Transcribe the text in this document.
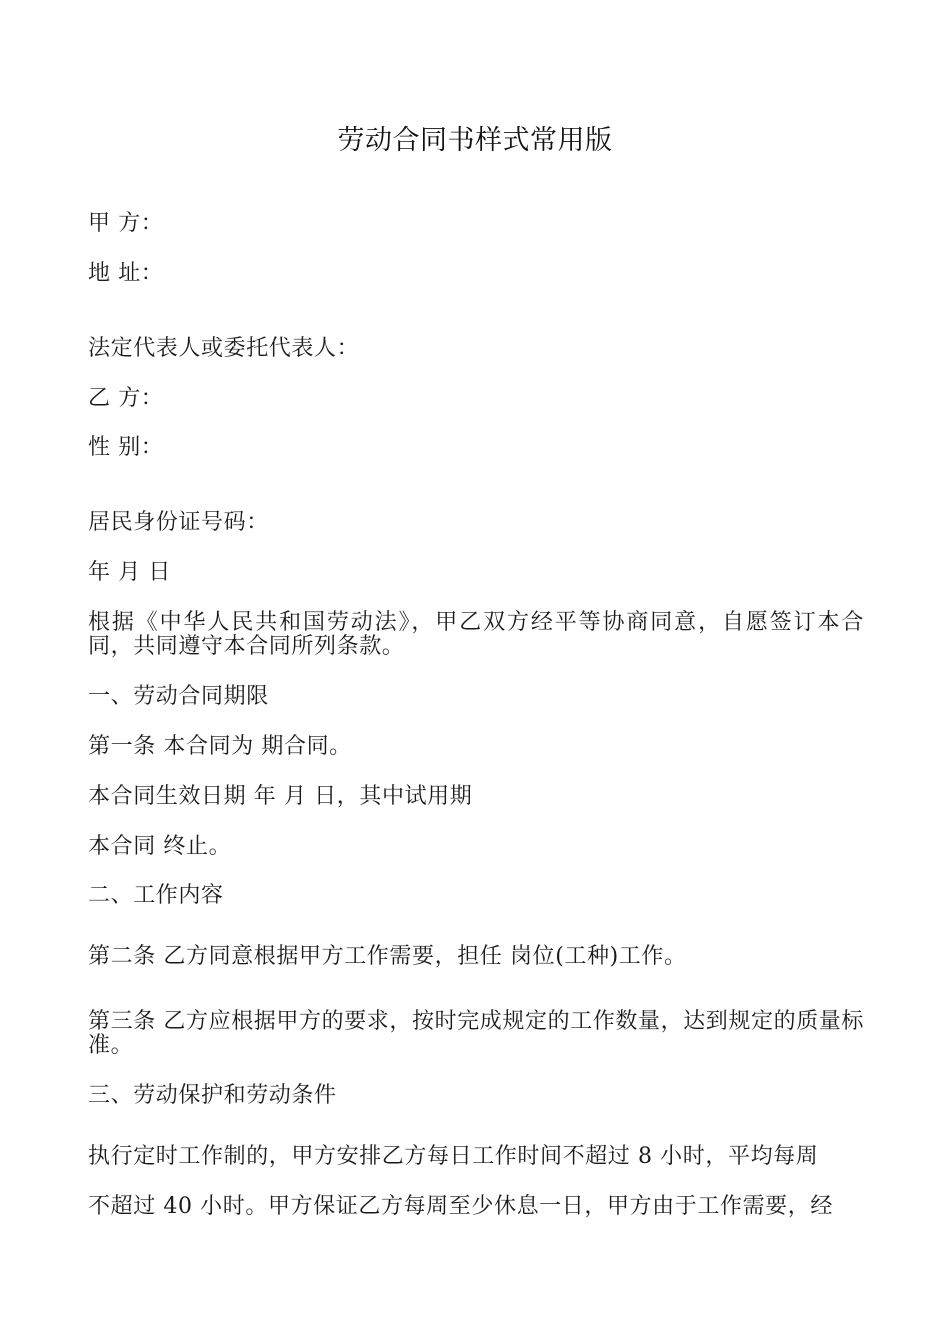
劳动合同书样式常用版
甲 方：
地 址：
法定代表人或委托代表人：
乙 方：
性 别：
居民身份证号码：
年 月 日
根据《中华人民共和国劳动法》，甲乙双方经平等协商同意，自愿签订本合同，共同遵守本合同所列条款。
一、劳动合同期限
第一条 本合同为 期合同。
本合同生效日期 年 月 日，其中试用期
本合同 终止。
二、工作内容
第二条 乙方同意根据甲方工作需要，担任 岗位(工种)工作。
第三条 乙方应根据甲方的要求，按时完成规定的工作数量，达到规定的质量标准。
三、劳动保护和劳动条件
执行定时工作制的，甲方安排乙方每日工作时间不超过 8 小时，平均每周
不超过 40 小时。甲方保证乙方每周至少休息一日，甲方由于工作需要，经
